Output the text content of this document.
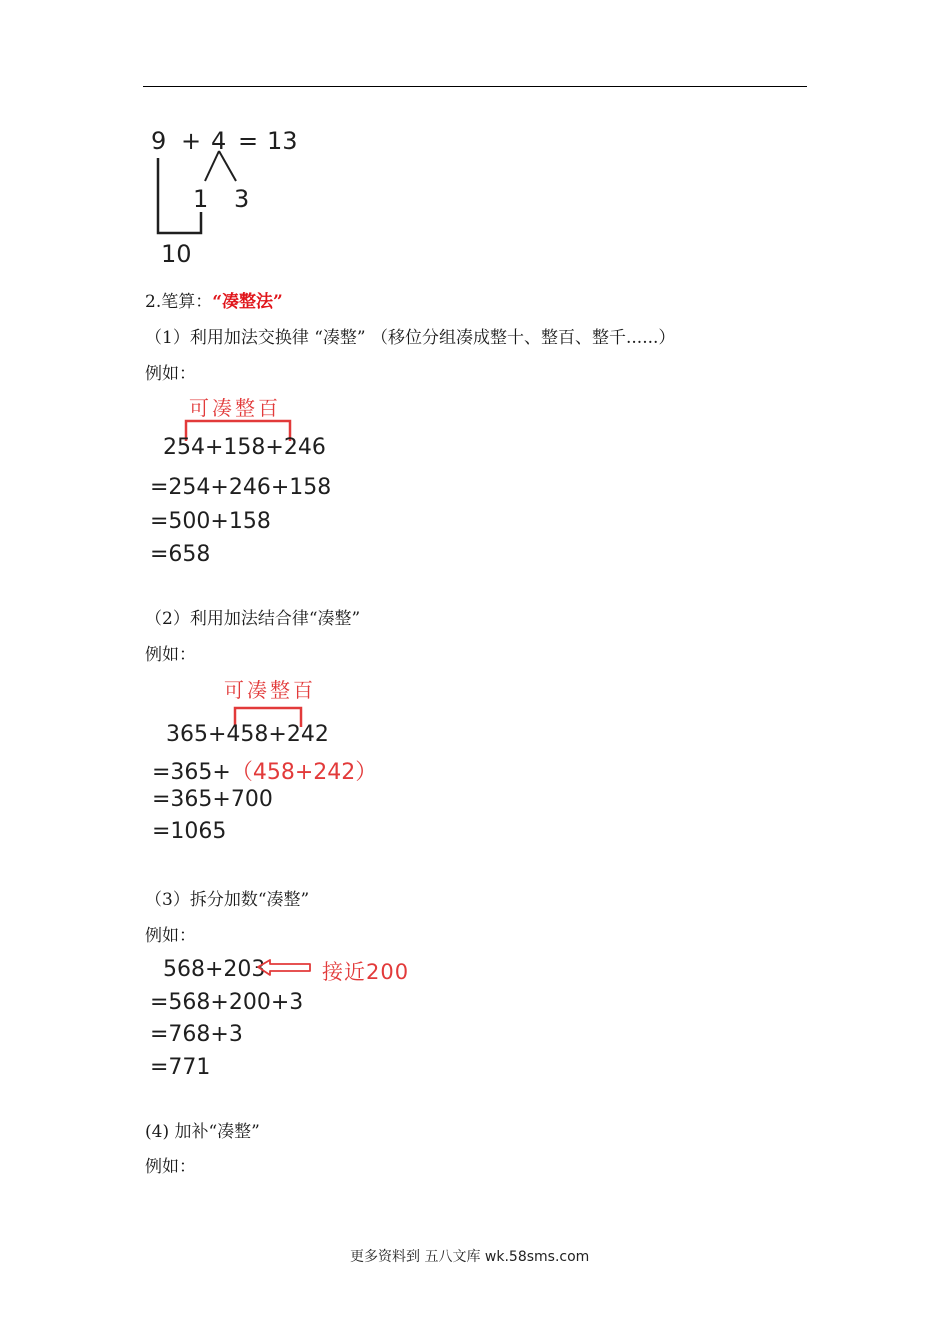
9 + 4 = 13
1 3
10
2.笔算：“凑整法”
（1）利用加法交换律 “凑整” （移位分组凑成整十、整百、整千......）
例如：
可凑整百
254+158+246
=254+246+158
=500+158
=658
（2）利用加法结合律“凑整”
例如：
可凑整百
365+458+242
=365+（458+242）
=365+700
=1065
（3）拆分加数“凑整”
例如：
568+203	接近200
=568+200+3
=768+3
=771
(4) 加补“凑整”
例如：
更多资料到 五八文库 wk.58sms.com
